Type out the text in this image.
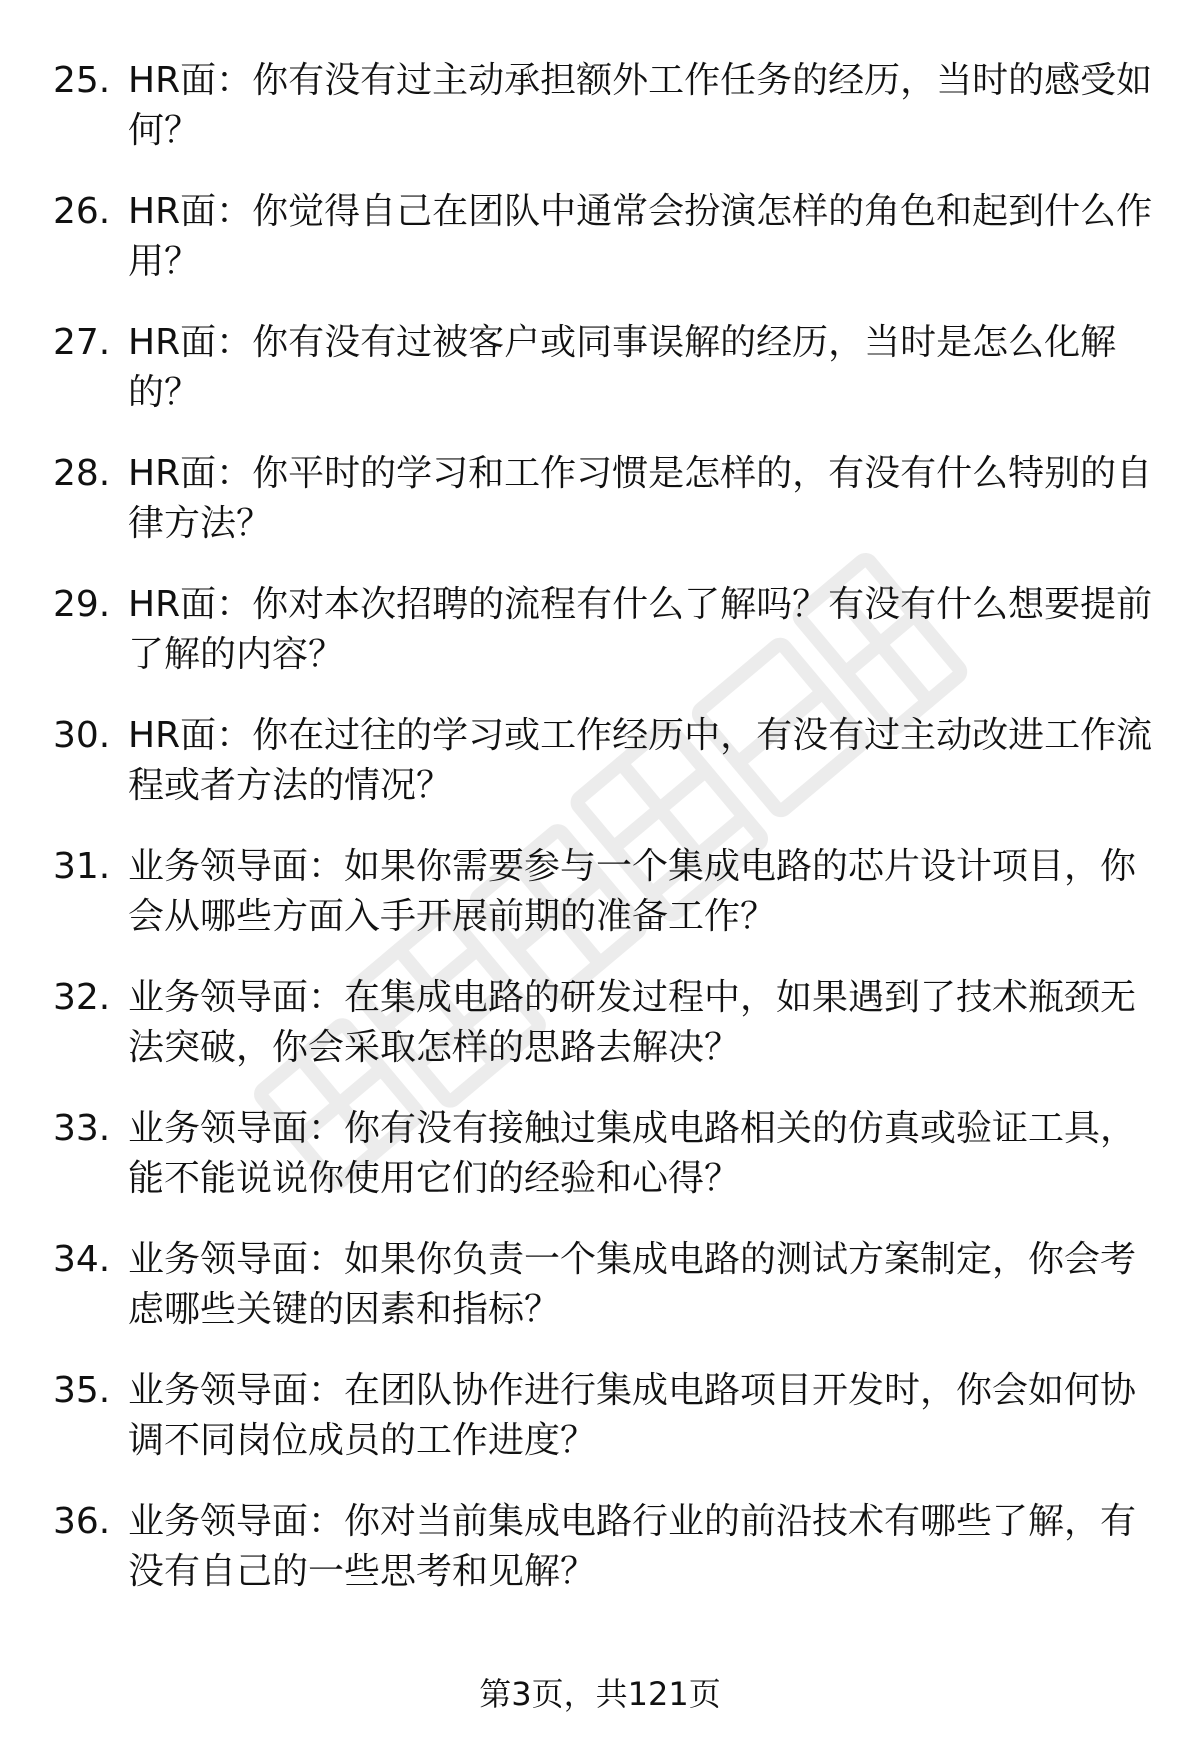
25. HR面：你有没有过主动承担额外工作任务的经历，当时的感受如何？
26. HR面：你觉得自己在团队中通常会扮演怎样的角色和起到什么作用？
27. HR面：你有没有过被客户或同事误解的经历，当时是怎么化解的？
28. HR面：你平时的学习和工作习惯是怎样的，有没有什么特别的自律方法？
29. HR面：你对本次招聘的流程有什么了解吗？有没有什么想要提前了解的内容？
30. HR面：你在过往的学习或工作经历中，有没有过主动改进工作流程或者方法的情况？
31. 业务领导面：如果你需要参与一个集成电路的芯片设计项目，你会从哪些方面入手开展前期的准备工作？
32. 业务领导面：在集成电路的研发过程中，如果遇到了技术瓶颈无法突破，你会采取怎样的思路去解决？
33. 业务领导面：你有没有接触过集成电路相关的仿真或验证工具，能不能说说你使用它们的经验和心得？
34. 业务领导面：如果你负责一个集成电路的测试方案制定，你会考虑哪些关键的因素和指标？
35. 业务领导面：在团队协作进行集成电路项目开发时，你会如何协调不同岗位成员的工作进度？
36. 业务领导面：你对当前集成电路行业的前沿技术有哪些了解，有没有自己的一些思考和见解？
第3页，共121页
